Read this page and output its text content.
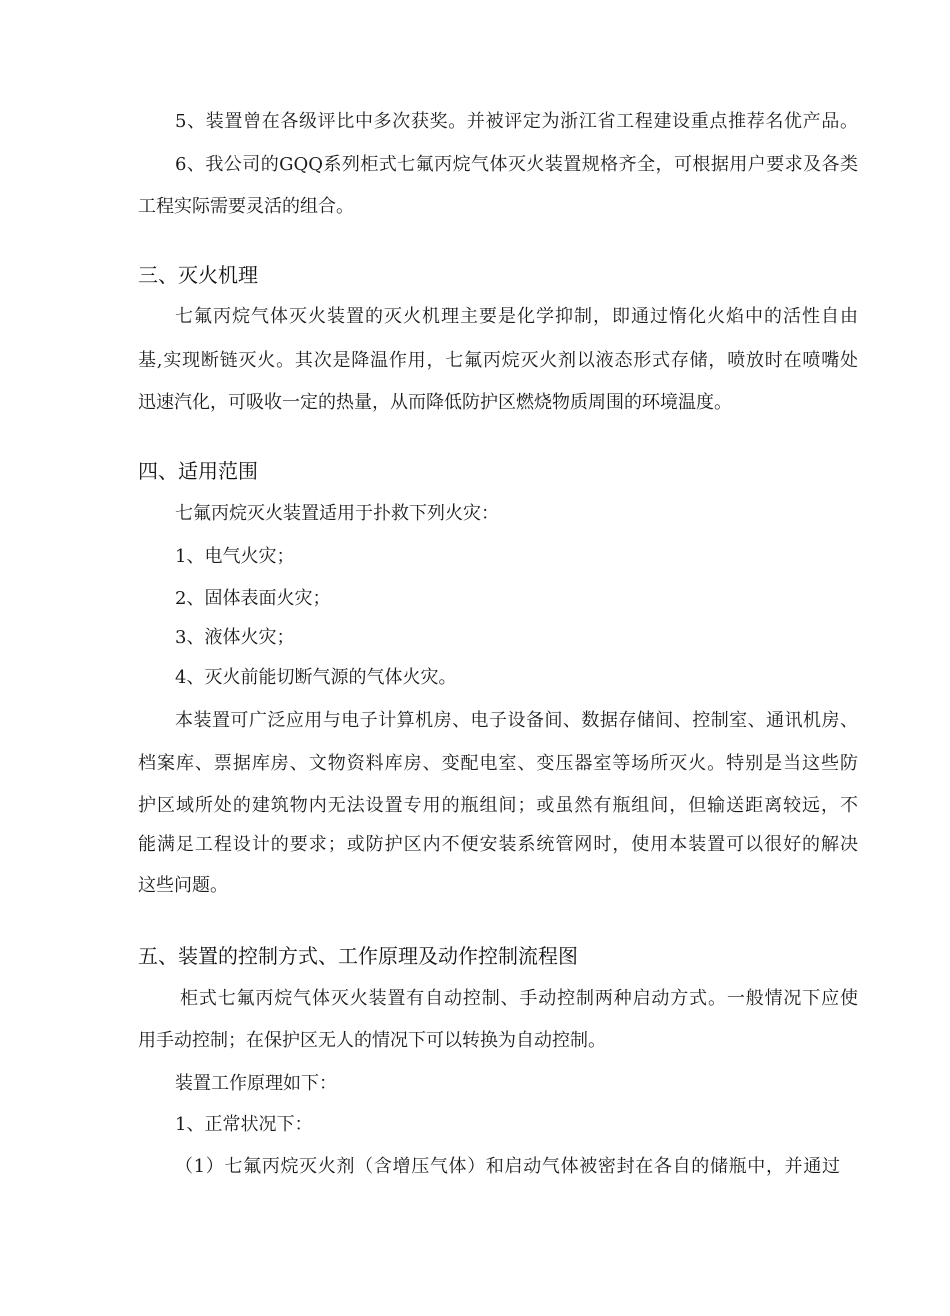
5、装置曾在各级评比中多次获奖。并被评定为浙江省工程建设重点推荐名优产品。
6、我公司的GQQ系列柜式七氟丙烷气体灭火装置规格齐全，可根据用户要求及各类
工程实际需要灵活的组合。
三、灭火机理
七氟丙烷气体灭火装置的灭火机理主要是化学抑制，即通过惰化火焰中的活性自由
基,实现断链灭火。其次是降温作用，七氟丙烷灭火剂以液态形式存储，喷放时在喷嘴处
迅速汽化，可吸收一定的热量，从而降低防护区燃烧物质周围的环境温度。
四、适用范围
七氟丙烷灭火装置适用于扑救下列火灾：
1、电气火灾；
2、固体表面火灾；
3、液体火灾；
4、灭火前能切断气源的气体火灾。
本装置可广泛应用与电子计算机房、电子设备间、数据存储间、控制室、通讯机房、
档案库、票据库房、文物资料库房、变配电室、变压器室等场所灭火。特别是当这些防
护区域所处的建筑物内无法设置专用的瓶组间；或虽然有瓶组间，但输送距离较远，不
能满足工程设计的要求；或防护区内不便安装系统管网时，使用本装置可以很好的解决
这些问题。
五、装置的控制方式、工作原理及动作控制流程图
柜式七氟丙烷气体灭火装置有自动控制、手动控制两种启动方式。一般情况下应使
用手动控制；在保护区无人的情况下可以转换为自动控制。
装置工作原理如下：
1、正常状况下：
（1）七氟丙烷灭火剂（含增压气体）和启动气体被密封在各自的储瓶中，并通过
